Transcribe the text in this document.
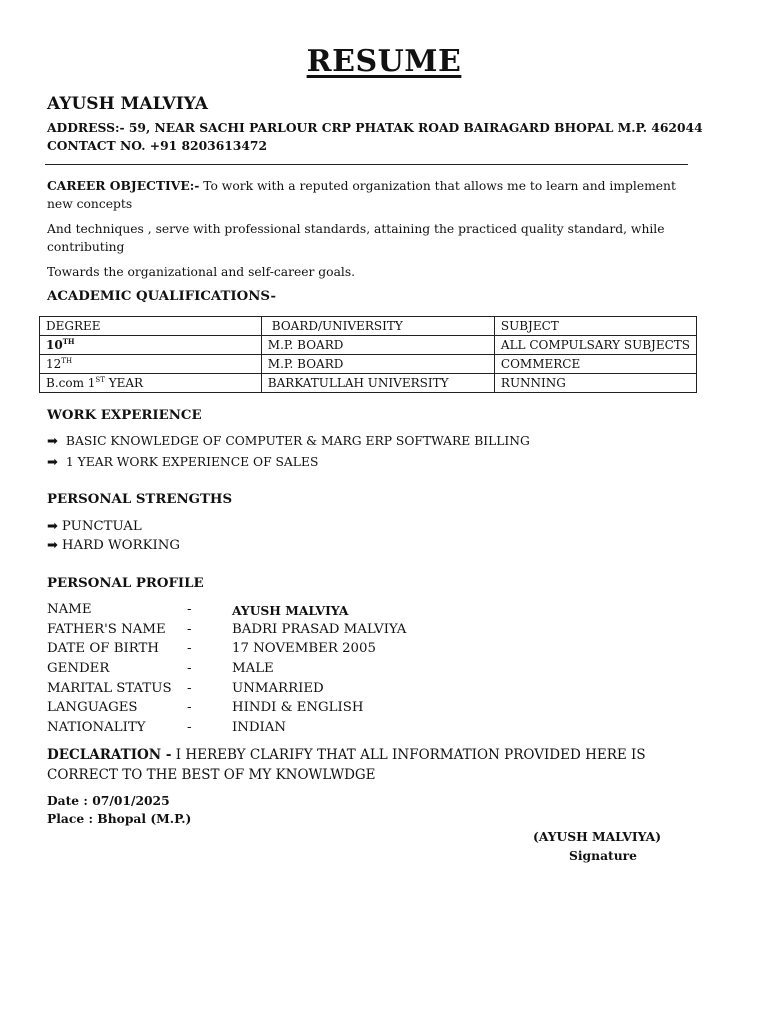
RESUME
AYUSH MALVIYA
ADDRESS:- 59, NEAR SACHI PARLOUR CRP PHATAK ROAD BAIRAGARD BHOPAL M.P. 462044
CONTACT NO. +91 8203613472
CAREER OBJECTIVE:- To work with a reputed organization that allows me to learn and implement new concepts
And techniques , serve with professional standards, attaining the practiced quality standard, while contributing
Towards the organizational and self-career goals.
ACADEMIC QUALIFICATIONS-
DEGREE	BOARD/UNIVERSITY	SUBJECT
10TH	M.P. BOARD	ALL COMPULSARY SUBJECTS
12TH	M.P. BOARD	COMMERCE
B.com 1ST YEAR	BARKATULLAH UNIVERSITY	RUNNING
WORK EXPERIENCE
➡ BASIC KNOWLEDGE OF COMPUTER & MARG ERP SOFTWARE BILLING
➡ 1 YEAR WORK EXPERIENCE OF SALES
PERSONAL STRENGTHS
➡ PUNCTUAL
➡ HARD WORKING
PERSONAL PROFILE
NAME	-	AYUSH MALVIYA
FATHER'S NAME -	BADRI PRASAD MALVIYA
DATE OF BIRTH -	17 NOVEMBER 2005
GENDER	-	MALE
MARITAL STATUS -	UNMARRIED
LANGUAGES	-	HINDI & ENGLISH
NATIONALITY	-	INDIAN
DECLARATION - I HEREBY CLARIFY THAT ALL INFORMATION PROVIDED HERE IS CORRECT TO THE BEST OF MY KNOWLWDGE
Date : 07/01/2025
Place : Bhopal (M.P.)
(AYUSH MALVIYA)
Signature
